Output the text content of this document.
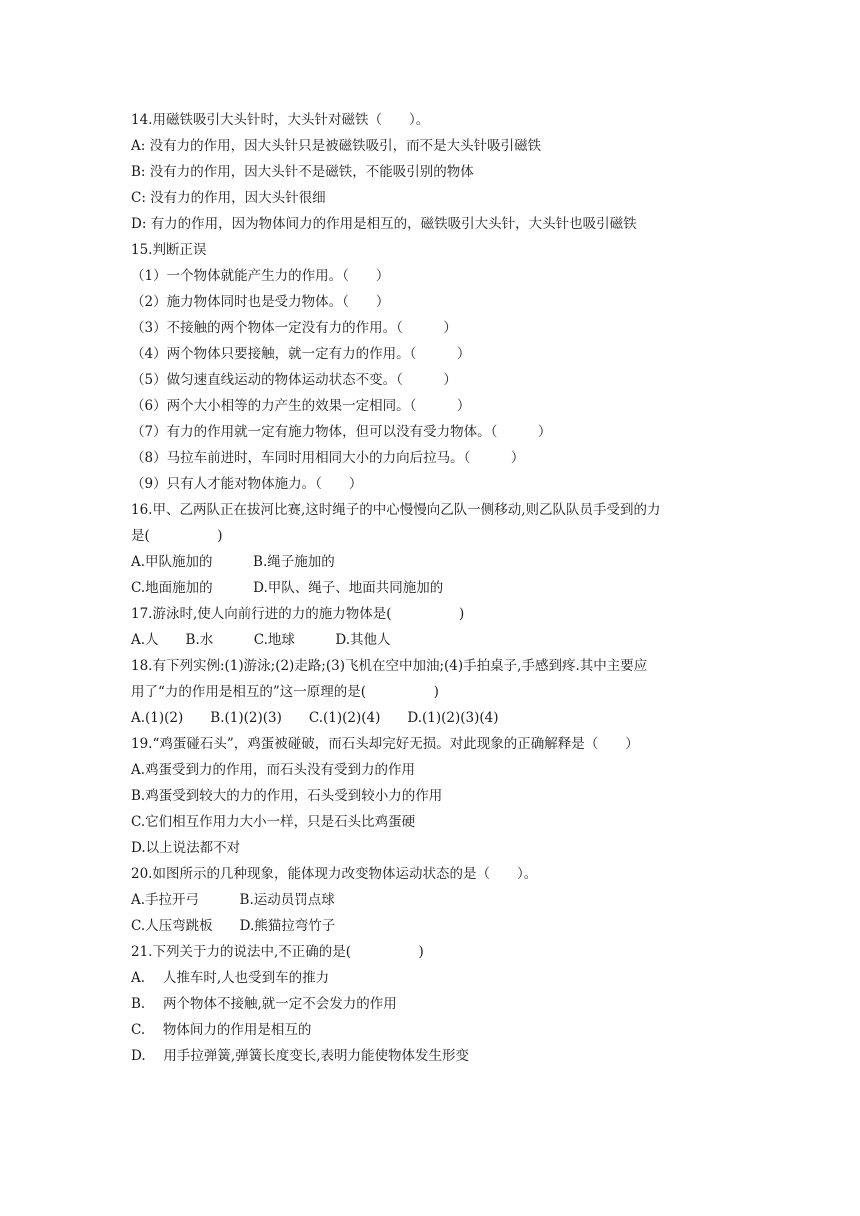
14.用磁铁吸引大头针时，大头针对磁铁（　　）。
A: 没有力的作用，因大头针只是被磁铁吸引，而不是大头针吸引磁铁
B: 没有力的作用，因大头针不是磁铁，不能吸引别的物体
C: 没有力的作用，因大头针很细
D: 有力的作用，因为物体间力的作用是相互的，磁铁吸引大头针，大头针也吸引磁铁
15.判断正误
（1）一个物体就能产生力的作用。（　　）
（2）施力物体同时也是受力物体。（　　）
（3）不接触的两个物体一定没有力的作用。（　　　）
（4）两个物体只要接触，就一定有力的作用。（　　　）
（5）做匀速直线运动的物体运动状态不变。（　　　）
（6）两个大小相等的力产生的效果一定相同。（　　　）
（7）有力的作用就一定有施力物体，但可以没有受力物体。（　　　）
（8）马拉车前进时，车同时用相同大小的力向后拉马。（　　　）
（9）只有人才能对物体施力。（　　）
16.甲、乙两队正在拔河比赛,这时绳子的中心慢慢向乙队一侧移动,则乙队队员手受到的力
是(　　　　　)
A.甲队施加的　　　B.绳子施加的
C.地面施加的　　　D.甲队、绳子、地面共同施加的
17.游泳时,使人向前行进的力的施力物体是(　　　　　)
A.人　　B.水　　　C.地球　　　D.其他人
18.有下列实例:(1)游泳;(2)走路;(3)飞机在空中加油;(4)手拍桌子,手感到疼.其中主要应
用了“力的作用是相互的”这一原理的是(　　　　　)
A.(1)(2)　　B.(1)(2)(3)　　C.(1)(2)(4)　　D.(1)(2)(3)(4)
19.“鸡蛋碰石头”，鸡蛋被碰破，而石头却完好无损。对此现象的正确解释是（　　）
A.鸡蛋受到力的作用，而石头没有受到力的作用
B.鸡蛋受到较大的力的作用，石头受到较小力的作用
C.它们相互作用力大小一样，只是石头比鸡蛋硬
D.以上说法都不对
20.如图所示的几种现象，能体现力改变物体运动状态的是（　　）。
A.手拉开弓　　　B.运动员罚点球
C.人压弯跳板　　D.熊猫拉弯竹子
21.下列关于力的说法中,不正确的是(　　　　　)
A.　 人推车时,人也受到车的推力
B.　 两个物体不接触,就一定不会发力的作用
C.　 物体间力的作用是相互的
D.　 用手拉弹簧,弹簧长度变长,表明力能使物体发生形变
